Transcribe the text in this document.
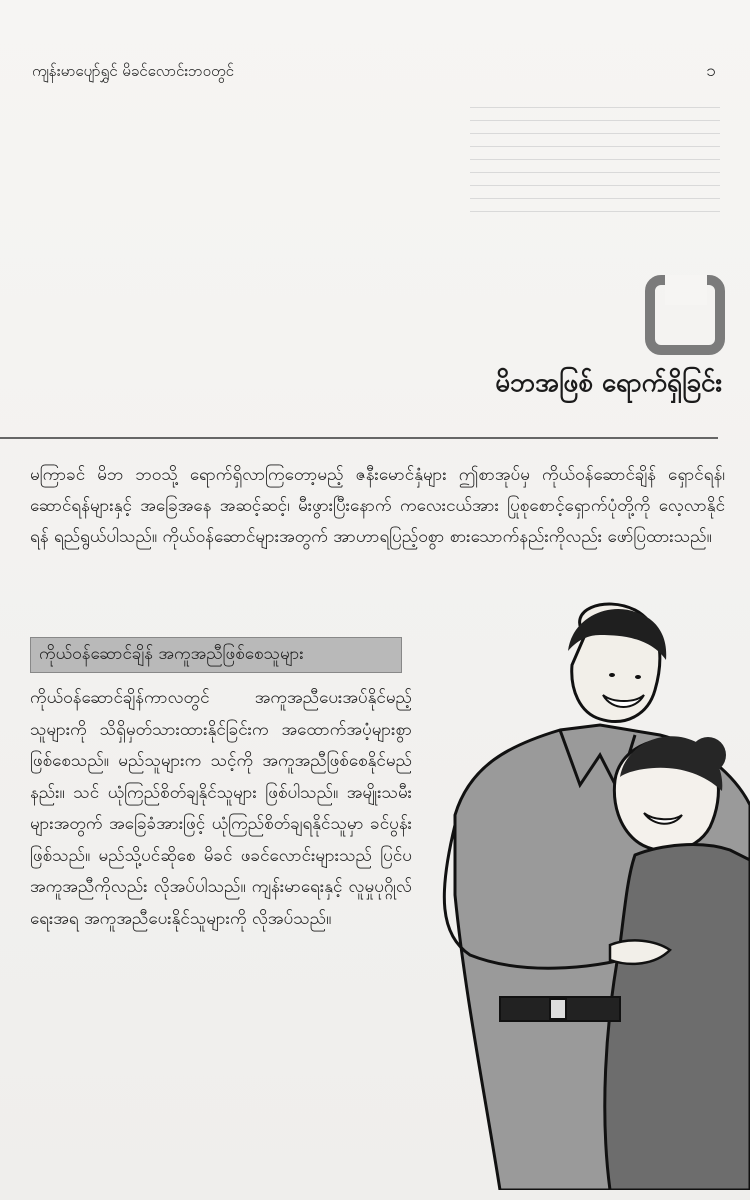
ကျန်းမာပျော်ရွှင် မိခင်လောင်းဘဝတွင်	၁
မိဘအဖြစ် ရောက်ရှိခြင်း
မကြာခင် မိဘ ဘဝသို့ ရောက်ရှိလာကြတော့မည့် ဇနီးမောင်နှံများ ဤစာအုပ်မှ ကိုယ်ဝန်ဆောင်ချိန် ရှောင်ရန်၊ ဆောင်ရန်များနှင့် အခြေအနေ အဆင့်ဆင့်၊ မီးဖွားပြီးနောက် ကလေးငယ်အား ပြုစုစောင့်ရှောက်ပုံတို့ကို လေ့လာနိုင်ရန် ရည်ရွယ်ပါသည်။ ကိုယ်ဝန်ဆောင်များအတွက် အာဟာရပြည့်ဝစွာ စားသောက်နည်းကိုလည်း ဖော်ပြထားသည်။
ကိုယ်ဝန်ဆောင်ချိန် အကူအညီဖြစ်စေသူများ
ကိုယ်ဝန်ဆောင်ချိန်ကာလတွင် အကူအညီပေးအပ်နိုင်မည့်သူများကို သိရှိမှတ်သားထားနိုင်ခြင်းက အထောက်အပံ့များစွာ ဖြစ်စေသည်။ မည်သူများက သင့်ကို အကူအညီဖြစ်စေနိုင်မည်နည်း။ သင် ယုံကြည်စိတ်ချနိုင်သူများ ဖြစ်ပါသည်။ အမျိုးသမီးများအတွက် အခြေခံအားဖြင့် ယုံကြည်စိတ်ချရနိုင်သူမှာ ခင်ပွန်းဖြစ်သည်။ မည်သို့ပင်ဆိုစေ မိခင် ဖခင်လောင်းများသည် ပြင်ပ အကူအညီကိုလည်း လိုအပ်ပါသည်။ ကျန်းမာရေးနှင့် လူမှုပုဂ္ဂိုလ်ရေးအရ အကူအညီပေးနိုင်သူများကို လိုအပ်သည်။
